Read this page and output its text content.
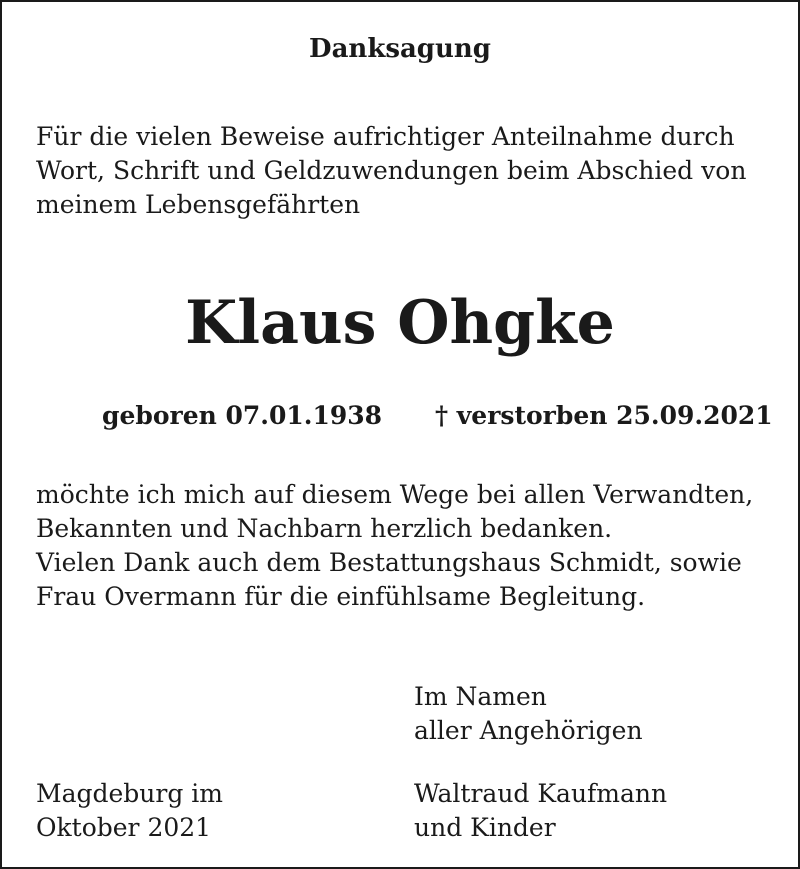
Danksagung
Für die vielen Beweise aufrichtiger Anteilnahme durch
Wort, Schrift und Geldzuwendungen beim Abschied von
meinem Lebensgefährten
Klaus Ohgke
geboren 07.01.1938 † verstorben 25.09.2021
möchte ich mich auf diesem Wege bei allen Verwandten,
Bekannten und Nachbarn herzlich bedanken.
Vielen Dank auch dem Bestattungshaus Schmidt, sowie
Frau Overmann für die einfühlsame Begleitung.
Im Namen
aller Angehörigen
Magdeburg im
Oktober 2021
Waltraud Kaufmann
und Kinder
